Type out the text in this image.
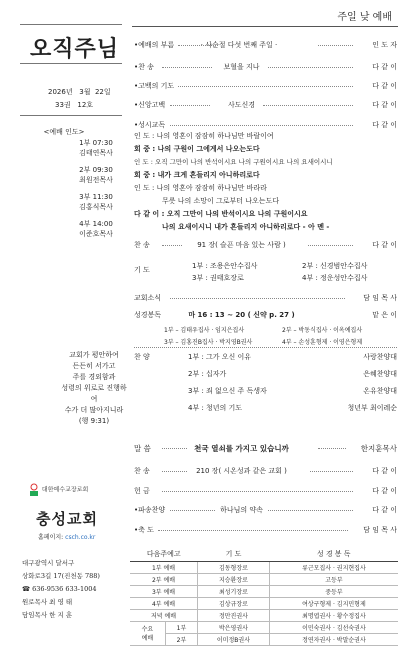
오직주님
2026년 3월 22일
33권 12호
<예배 인도>
1부 07:30
김태연목사
2부 09:30
최원전목사
3부 11:30
김홍식목사
4부 14:00
이준호목사
교회가 평안하여
든든히 서가고
주를 경외함과
성령의 위로로 진행하여
수가 더 많아지니라
(행 9:31)
대한예수교장로회
충성교회
홈페이지: csch.co.kr
대구광역시 달서구
상화로3길 17(진천동 788)
☎ 636-9536 633-1004
원로목사 최 영 태
담임목사 한 지 훈
주일 낮 예배
•예배의 부름	· 사순절 다섯 번째 주일 ·	인 도 자
•찬 송	보혈을 지나	다 같 이
•고백의 기도	다 같 이
•신앙고백	사도신경	다 같 이
•성시교독	다 같 이
인 도 : 나의 영혼이 잠잠히 하나님만 바랄이여
회 중 : 나의 구원이 그에게서 나오는도다
인 도 : 오직 그만이 나의 반석이시요 나의 구원이시요 나의 요새이시니
회 중 : 내가 크게 흔들리지 아니하리로다
인 도 : 나의 영혼아 잠잠히 하나님만 바라라
무릇 나의 소망이 그로부터 나오는도다
다 같 이 : 오직 그만이 나의 반석이시요 나의 구원이시요
나의 요새이시니 내가 흔들리지 아니하리로다 - 아 멘 -
찬 송	91 장( 슬픈 마음 있는 사람 )	다 같 이
기 도	1부 : 조용은안수집사	2부 : 신경범안수집사
3부 : 권태호장로	4부 : 정운성안수집사
교회소식	담 임 목 사
성경봉독	마 16 : 13 ~ 20 ( 신약 p. 27 )	맡 은 이
1부 – 김태우집사 · 임지은집사	2부 – 박동식집사 · 이옥예집사
3부 – 김홍진B집사 · 박지영B권사	4부 – 손성훈형제 · 이영은형제
찬 양	1부 : 그가 오신 이유	사랑찬양대
2부 : 십자가	은혜찬양대
3부 : 죄 없으신 주 독생자	온유찬양대
4부 : 청년의 기도	청년부 최이레순
말 씀	천국 열쇠를 가지고 있습니까	한지훈목사
찬 송	210 장( 시온성과 같은 교회 )	다 같 이
헌 금	다 같 이
•파송찬양	하나님의 약속	다 같 이
•축 도	담 임 목 사
다음주예고		기 도	성 경 봉 독
1부 예배		김동형장로	류근모집사 · 권지현집사
2부 예배		지승환장로	고등부
3부 예배		최성기장로	중등부
4부 예배		김상규장로	여상구형제 · 김지민형제
저녁 예배		정만진권사	최명엽권사 · 황수정집사
수요
예배	1부	박은영권사	이민숙권사 · 김선숙권사
	2부	이미정B권사	정연자권사 · 박말순권사
